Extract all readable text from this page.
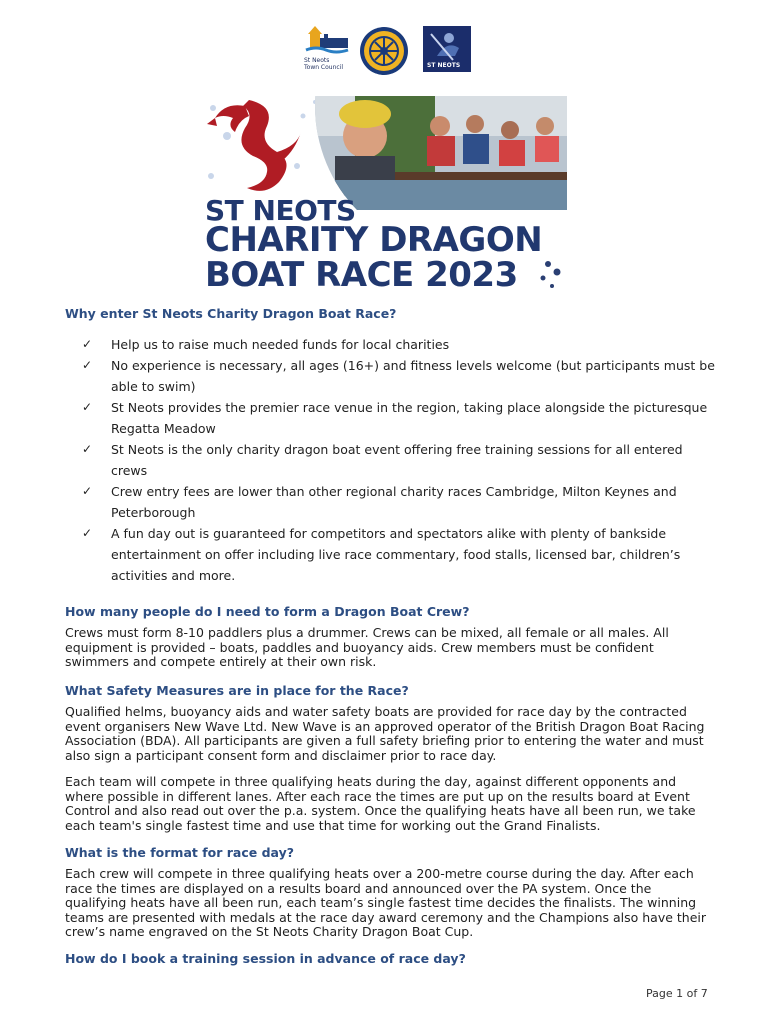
St Neots
Town Council	ST NEOTS
ST NEOTS
CHARITY DRAGON
BOAT RACE 2023
Why enter St Neots Charity Dragon Boat Race?
✓ Help us to raise much needed funds for local charities
✓ No experience is necessary, all ages (16+) and fitness levels welcome (but participants must be able to swim)
✓ St Neots provides the premier race venue in the region, taking place alongside the picturesque Regatta Meadow
✓ St Neots is the only charity dragon boat event offering free training sessions for all entered crews
✓ Crew entry fees are lower than other regional charity races Cambridge, Milton Keynes and Peterborough
✓ A fun day out is guaranteed for competitors and spectators alike with plenty of bankside entertainment on offer including live race commentary, food stalls, licensed bar, children’s activities and more.
How many people do I need to form a Dragon Boat Crew?

Crews must form 8-10 paddlers plus a drummer. Crews can be mixed, all female or all males. All equipment is provided – boats, paddles and buoyancy aids. Crew members must be confident swimmers and compete entirely at their own risk.

What Safety Measures are in place for the Race?

Qualified helms, buoyancy aids and water safety boats are provided for race day by the contracted event organisers New Wave Ltd. New Wave is an approved operator of the British Dragon Boat Racing Association (BDA). All participants are given a full safety briefing prior to entering the water and must also sign a participant consent form and disclaimer prior to race day.

Each team will compete in three qualifying heats during the day, against different opponents and where possible in different lanes. After each race the times are put up on the results board at Event Control and also read out over the p.a. system. Once the qualifying heats have all been run, we take each team's single fastest time and use that time for working out the Grand Finalists.

What is the format for race day?

Each crew will compete in three qualifying heats over a 200-metre course during the day. After each race the times are displayed on a results board and announced over the PA system. Once the qualifying heats have all been run, each team’s single fastest time decides the finalists. The winning teams are presented with medals at the race day award ceremony and the Champions also have their crew’s name engraved on the St Neots Charity Dragon Boat Cup.

How do I book a training session in advance of race day?
Page 1 of 7
